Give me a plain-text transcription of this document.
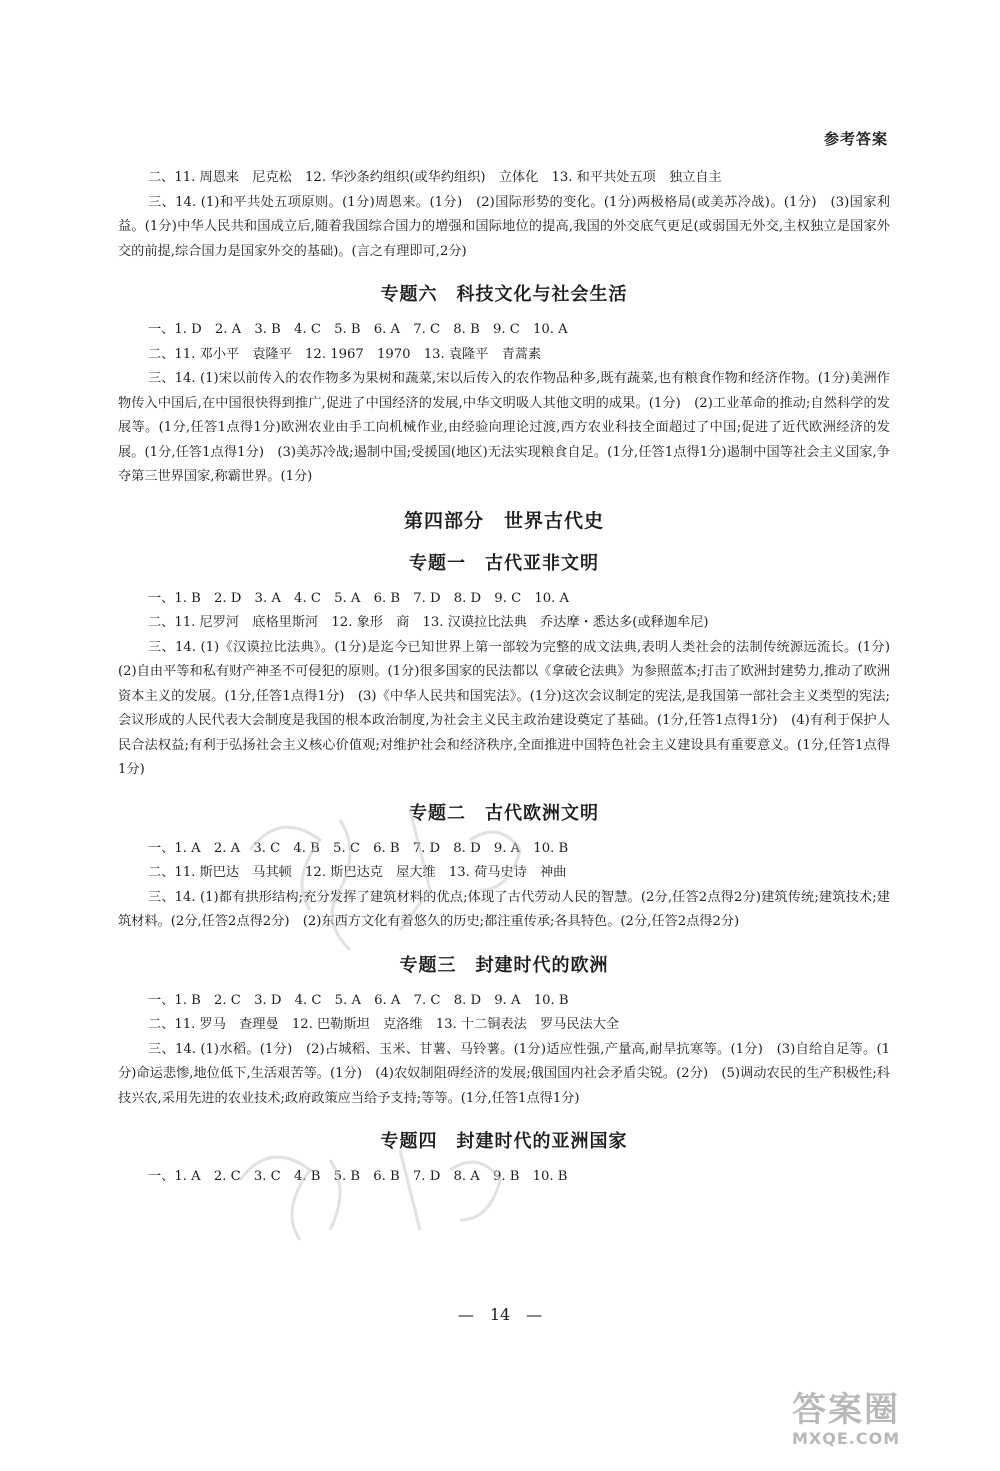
参考答案
二、11. 周恩来　尼克松　12. 华沙条约组织(或华约组织)　立体化　13. 和平共处五项　独立自主
三、14. (1)和平共处五项原则。(1分)周恩来。(1分)　(2)国际形势的变化。(1分)两极格局(或美苏冷战)。(1分)　(3)国家利益。(1分)中华人民共和国成立后,随着我国综合国力的增强和国际地位的提高,我国的外交底气更足(或弱国无外交,主权独立是国家外交的前提,综合国力是国家外交的基础)。(言之有理即可,2分)
专题六　科技文化与社会生活
一、1. D　2. A　3. B　4. C　5. B　6. A　7. C　8. B　9. C　10. A
二、11. 邓小平　袁隆平　12. 1967　1970　13. 袁隆平　青蒿素
三、14. (1)宋以前传入的农作物多为果树和蔬菜,宋以后传入的农作物品种多,既有蔬菜,也有粮食作物和经济作物。(1分)美洲作物传入中国后,在中国很快得到推广,促进了中国经济的发展,中华文明吸人其他文明的成果。(1分)　(2)工业革命的推动;自然科学的发展等。(1分,任答1点得1分)欧洲农业由手工向机械作业,由经验向理论过渡,西方农业科技全面超过了中国;促进了近代欧洲经济的发展。(1分,任答1点得1分)　(3)美苏冷战;遏制中国;受援国(地区)无法实现粮食自足。(1分,任答1点得1分)遏制中国等社会主义国家,争夺第三世界国家,称霸世界。(1分)
第四部分　世界古代史
专题一　古代亚非文明
一、1. B　2. D　3. A　4. C　5. A　6. B　7. D　8. D　9. C　10. A
二、11. 尼罗河　底格里斯河　12. 象形　商　13. 汉谟拉比法典　乔达摩・悉达多(或释迦牟尼)
三、14. (1)《汉谟拉比法典》。(1分)是迄今已知世界上第一部较为完整的成文法典,表明人类社会的法制传统源远流长。(1分)　(2)自由平等和私有财产神圣不可侵犯的原则。(1分)很多国家的民法都以《拿破仑法典》为参照蓝本;打击了欧洲封建势力,推动了欧洲资本主义的发展。(1分,任答1点得1分)　(3)《中华人民共和国宪法》。(1分)这次会议制定的宪法,是我国第一部社会主义类型的宪法;会议形成的人民代表大会制度是我国的根本政治制度,为社会主义民主政治建设奠定了基础。(1分,任答1点得1分)　(4)有利于保护人民合法权益;有利于弘扬社会主义核心价值观;对维护社会和经济秩序,全面推进中国特色社会主义建设具有重要意义。(1分,任答1点得1分)
专题二　古代欧洲文明
一、1. A　2. A　3. C　4. B　5. C　6. B　7. D　8. D　9. A　10. B
二、11. 斯巴达　马其顿　12. 斯巴达克　屋大维　13. 荷马史诗　神曲
三、14. (1)都有拱形结构;充分发挥了建筑材料的优点;体现了古代劳动人民的智慧。(2分,任答2点得2分)建筑传统;建筑技术;建筑材料。(2分,任答2点得2分)　(2)东西方文化有着悠久的历史;都注重传承;各具特色。(2分,任答2点得2分)
专题三　封建时代的欧洲
一、1. B　2. C　3. D　4. C　5. A　6. A　7. C　8. D　9. A　10. B
二、11. 罗马　查理曼　12. 巴勒斯坦　克洛维　13. 十二铜表法　罗马民法大全
三、14. (1)水稻。(1分)　(2)占城稻、玉米、甘薯、马铃薯。(1分)适应性强,产量高,耐旱抗寒等。(1分)　(3)自给自足等。(1分)命运悲惨,地位低下,生活艰苦等。(1分)　(4)农奴制阻碍经济的发展;俄国国内社会矛盾尖锐。(2分)　(5)调动农民的生产积极性;科技兴农,采用先进的农业技术;政府政策应当给予支持;等等。(1分,任答1点得1分)
专题四　封建时代的亚洲国家
一、1. A　2. C　3. C　4. B　5. B　6. B　7. D　8. A　9. B　10. B
—　14　—
答案圈
MXQE.COM
